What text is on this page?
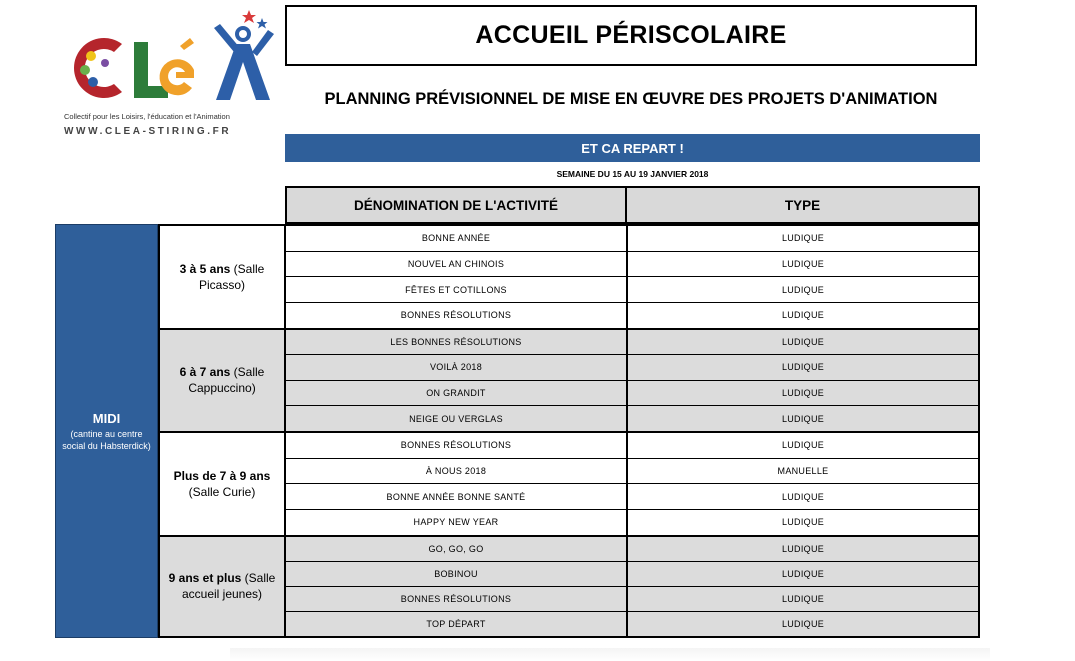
Collectif pour les Loisirs, l'éducation et l'Animation
WWW.CLEA-STIRING.FR
ACCUEIL PÉRISCOLAIRE
PLANNING PRÉVISIONNEL DE MISE EN ŒUVRE DES PROJETS D'ANIMATION
ET CA REPART !
SEMAINE DU 15 AU 19 JANVIER 2018
DÉNOMINATION DE L'ACTIVITÉ	TYPE
MIDI
(cantine au centre social du Habsterdick)
3 à 5 ans (Salle Picasso)
BONNE ANNÉE	LUDIQUE
NOUVEL AN CHINOIS	LUDIQUE
FÊTES ET COTILLONS	LUDIQUE
BONNES RÉSOLUTIONS	LUDIQUE
6 à 7 ans (Salle Cappuccino)
LES BONNES RÉSOLUTIONS	LUDIQUE
VOILÀ 2018	LUDIQUE
ON GRANDIT	LUDIQUE
NEIGE OU VERGLAS	LUDIQUE
Plus de 7 à 9 ans (Salle Curie)
BONNES RÉSOLUTIONS	LUDIQUE
À NOUS 2018	MANUELLE
BONNE ANNÉE BONNE SANTÉ	LUDIQUE
HAPPY NEW YEAR	LUDIQUE
9 ans et plus (Salle accueil jeunes)
GO, GO, GO	LUDIQUE
BOBINOU	LUDIQUE
BONNES RÉSOLUTIONS	LUDIQUE
TOP DÉPART	LUDIQUE
